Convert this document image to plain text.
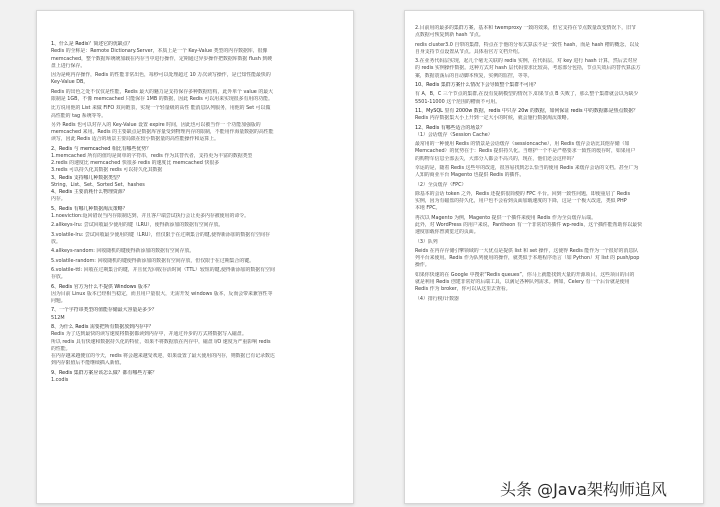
1、什么是 Redis？简述它的优缺点？
Redis 的全称是：Remote Dictionary.Server，本质上是一个 Key-Value 类型的内存数据库，很像
memcached，整个数据库统统加载在内存当中进行操作，定期通过异步操作把数据库数据 flush 到硬
盘上进行保存。
因为是纯内存操作，Redis 的性能非常出色，每秒可以处理超过 10 万次读写操作，是已知性能最快的
Key-Value DB。
Redis 的出色之处不仅仅是性能，Redis 最大的魅力是支持保存多种数据结构，此外单个 value 的最大
限制是 1GB，不像 memcached 只能保存 1MB 的数据，因此 Redis 可以用来实现很多有用的功能。
比方说用他的 List 来做 FIFO 双向链表，实现一个轻量级的高性 能消息队列服务，用他的 Set 可以做
高性能的 tag 系统等等。
另外 Redis 也可以对存入的 Key-Value 设置 expire 时间，因此也可以被当作一 个功能加强版的
memcached 来用。Redis 的主要缺点是数据库容量受到物理内存的限制，不能用作海量数据的高性能
读写，因此 Redis 适合的场景主要局限在较小数据量的高性能操作和运算上。
2、Redis 与 memcached 相比有哪些优势？
1.memcached 所有的值均是简单的字符串，redis 作为其替代者，支持更为丰富的数据类型
2.redis 的速度比 memcached 快很多 redis 的速度比 memcached 快很多
3.redis 可以持久化其数据 redis 可以持久化其数据
3、Redis 支持哪几种数据类型？
String、List、Set、Sorted Set、hashes
4、Redis 主要消耗什么物理资源？
内存。
5、Redis 有哪几种数据淘汰策略？
1.noeviction:返回错误当内存限制达到，并且客户端尝试执行会让更多内存被使用的命令。
2.allkeys-lru: 尝试回收最少使用的键（LRU），使得新添加的数据有空间存放。
3.volatile-lru: 尝试回收最少使用的键（LRU），但仅限于在过期集合的键,使得新添加的数据有空间存
放。
4.allkeys-random: 回收随机的键使得新添加的数据有空间存放。
5.volatile-random: 回收随机的键使得新添加的数据有空间存放，但仅限于在过期集合的键。
6.volatile-ttl: 回收在过期集合的键，并且优先回收存活时间（TTL）较短的键,使得新添加的数据有空间
存放。
6、Redis 官方为什么不提供 Windows 版本？
因为目前 Linux 版本已经相当稳定，而且用户量很大，无需开发 windows 版本，反而会带来兼容性等
问题。
7、一个字符串类型的值能存储最大容量是多少？
512M
8、为什么 Redis 需要把所有数据放到内存中？
Redis 为了达到最快的读写速度将数据都读到内存中，并通过异步的方式将数据写入磁盘。
所以 redis 具有快速和数据持久化的特征，如果不将数据放在内存中，磁盘 I/O 速度为严重影响 redis
的性能。
在内存越来越便宜的今天，redis 将会越来越受欢迎，如果设置了最大使用的内存，则数据已有记录数达
到内存限值后不能继续插入新值。
9、Redis 集群方案应该怎么做？都有哪些方案？
1.codis
2.目前用的最多的集群方案，基本和 twemproxy 一致的效果，但它支持在节点数量改变情况下，旧节
点数据可恢复到新 hash 节点。
redis cluster3.0 自带的集群，特点在于他的分布式算法不是一致性 hash，而是 hash 槽的概念，以及
自身支持节点设置从节点。具体看官方文档介绍。
3.在业务代码层实现，起几个毫无关联的 redis 实例，在代码层，对 key 进行 hash 计算，然后去对应
的 redis 实例操作数据。这种方式对 hash 层代码要求比较高，考虑部分包括，节点失效后的替代算法方
案，数据震荡后的自动脚本恢复，实例的监控，等等。
10、Redis 集群方案什么情况下会导致整个集群不可用？
有 A，B，C 三个节点的集群,在没有复制模型的情况下,如果节点 B 失败了，那么整个集群就会以为缺少
5501-11000 这个范围的槽而不可用。
11、MySQL 里有 2000w 数据，redis 中只存 20w 的数据，如何保证 redis 中的数据都是热点数据？
Redis 内存数据集大小上升到一定大小的时候，就会施行数据淘汰策略。
12、Redis 有哪些适合的场景？
（1）会话缓存（Session Cache）
最常用的一种使用 Redis 的情景是会话缓存（sessioncache），用 Redis 缓存会话比其他存储（如
Memcached）的优势在于：Redis 提供持久化。当维护一个不是严格要求一致性的缓存时，如果用户
的购物车信息全部丢失，大部分人都会不高兴的，现在，他们还会这样吗？
幸运的是，随着 Redis 这些年的改进，很容易找到怎么恰当的使用 Redis 来缓存会话的文档。甚至广为
人知的商业平台 Magento 也提供 Redis 的插件。
（2）全页缓存（FPC）
除基本的会话 token 之外，Redis 还提供很简便的 FPC 平台。回到一致性问题，即使重启了 Redis
实例，因为有磁盘的持久化，用户也不会看到页面加载速度的下降，这是一个极大改进，类似 PHP
本地 FPC。
再次以 Magento 为例，Magento 提供一个插件来使用 Redis 作为全页缓存后端。
此外，对 WordPress 的用户来说，Pantheon 有一个非常好的插件 wp-redis，这个插件能帮助你以最快
速度加载你曾浏览过的页面。
（3）队列
Reids 在内存存储引擎领域的一大优点是提供 list 和 set 操作，这使得 Redis 能作为一个很好的消息队
列平台来使用。Redis 作为队列使用的操作，就类似于本地程序语言（如 Python）对 list 的 push/pop
操作。
如果你快速的在 Google 中搜索“Redis queues”，你马上就能找到大量的开源项目，这些项目的目的
就是利用 Redis 创建非常好的后端工具，以满足各种队列需求。例如，Celery 有一个后台就是使用
Redis 作为 broker，你可以从这里去查看。
（4）排行榜/计数器
头条 @Java架构师追风
